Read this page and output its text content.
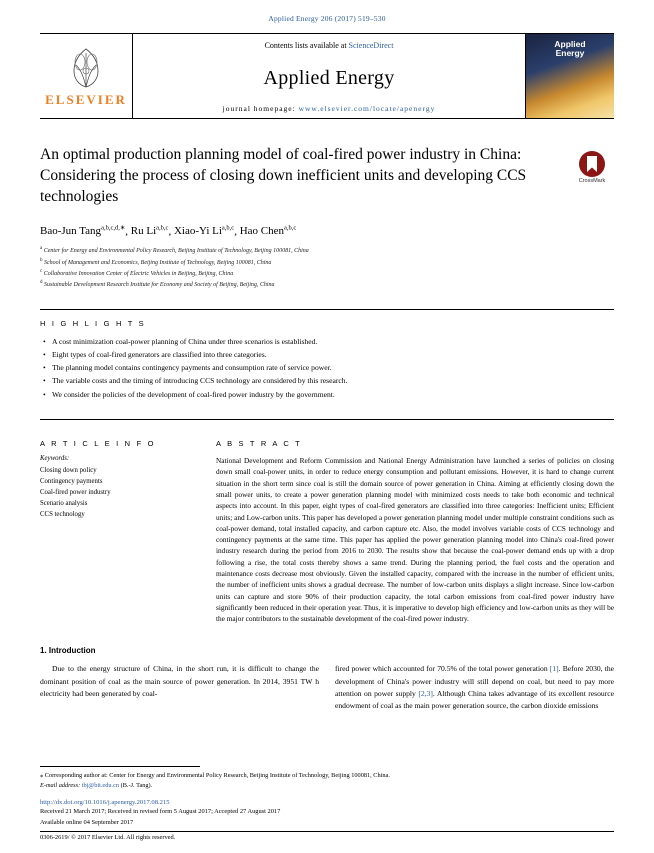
Applied Energy 206 (2017) 519–530
ELSEVIER
Contents lists available at ScienceDirect
Applied Energy
journal homepage: www.elsevier.com/locate/apenergy
Applied
Energy
An optimal production planning model of coal-fired power industry in China: Considering the process of closing down inefficient units and developing CCS technologies
CrossMark
Bao-Jun Tang$^{a,b,c,d,∗}$, Ru Li$^{a,b,c}$, Xiao-Yi Li$^{a,b,c}$, Hao Chen$^{a,b,c}$
$^a$ Center for Energy and Environmental Policy Research, Beijing Institute of Technology, Beijing 100081, China
$^b$ School of Management and Economics, Beijing Institute of Technology, Beijing 100081, China
$^c$ Collaborative Innovation Center of Electric Vehicles in Beijing, Beijing, China
$^d$ Sustainable Development Research Institute for Economy and Society of Beijing, Beijing, China
H I G H L I G H T S
• A cost minimization coal-power planning of China under three scenarios is established.
• Eight types of coal-fired generators are classified into three categories.
• The planning model contains contingency payments and consumption rate of service power.
• The variable costs and the timing of introducing CCS technology are considered by this research.
• We consider the policies of the development of coal-fired power industry by the government.
A R T I C L E I N F O
Keywords:
Closing down policy
Contingency payments
Coal-fired power industry
Scenario analysis
CCS technology
A B S T R A C T

National Development and Reform Commission and National Energy Administration have launched a series of policies on closing down small coal-power units, in order to reduce energy consumption and pollutant emissions. However, it is hard to change current situation in the short term since coal is still the domain source of power generation in China. Aiming at efficiently closing down the small power units, to create a power generation planning model with minimized costs needs to take both economic and technical aspects into account. In this paper, eight types of coal-fired generators are classified into three categories: Inefficient units; Efficient units; and Low-carbon units. This paper has developed a power generation planning model under multiple constraint conditions such as coal-power demand, total installed capacity, and carbon capture etc. Also, the model involves variable costs of CCS technology and contingency payments at the same time. This paper has applied the power generation planning model into China's coal-fired power industry research during the period from 2016 to 2030. The results show that because the coal-power demand ends up with a drop following a rise, the total costs thereby shows a same trend. During the planning period, the fuel costs and the operation and maintenance costs decrease most obviously. Given the installed capacity, compared with the increase in the number of efficient units, the number of inefficient units shows a gradual decrease. The number of low-carbon units displays a slight increase. Since low-carbon units can capture and store 90% of their production capacity, the total carbon emissions from coal-fired power industry have significantly been reduced in their operation year. Thus, it is imperative to develop high efficiency and low-carbon units as they will be the major contributors to the sustainable development of the coal-fired power industry.

1. Introduction

Due to the energy structure of China, in the short run, it is difficult to change the dominant position of coal as the main source of power generation. In 2014, 3951 TW h electricity had been generated by coal-

fired power which accounted for 70.5% of the total power generation [1]. Before 2030, the development of China's power industry will still depend on coal, but need to pay more attention on power supply [2,3]. Although China takes advantage of its excellent resource endowment of coal as the main power generation source, the carbon dioxide emissions

⁎ Corresponding author at: Center for Energy and Environmental Policy Research, Beijing Institute of Technology, Beijing 100081, China.
E-mail address: tbj@bit.edu.cn (B.-J. Tang).
http://dx.doi.org/10.1016/j.apenergy.2017.08.215
Received 21 March 2017; Received in revised form 5 August 2017; Accepted 27 August 2017
Available online 04 September 2017
0306-2619/ © 2017 Elsevier Ltd. All rights reserved.
